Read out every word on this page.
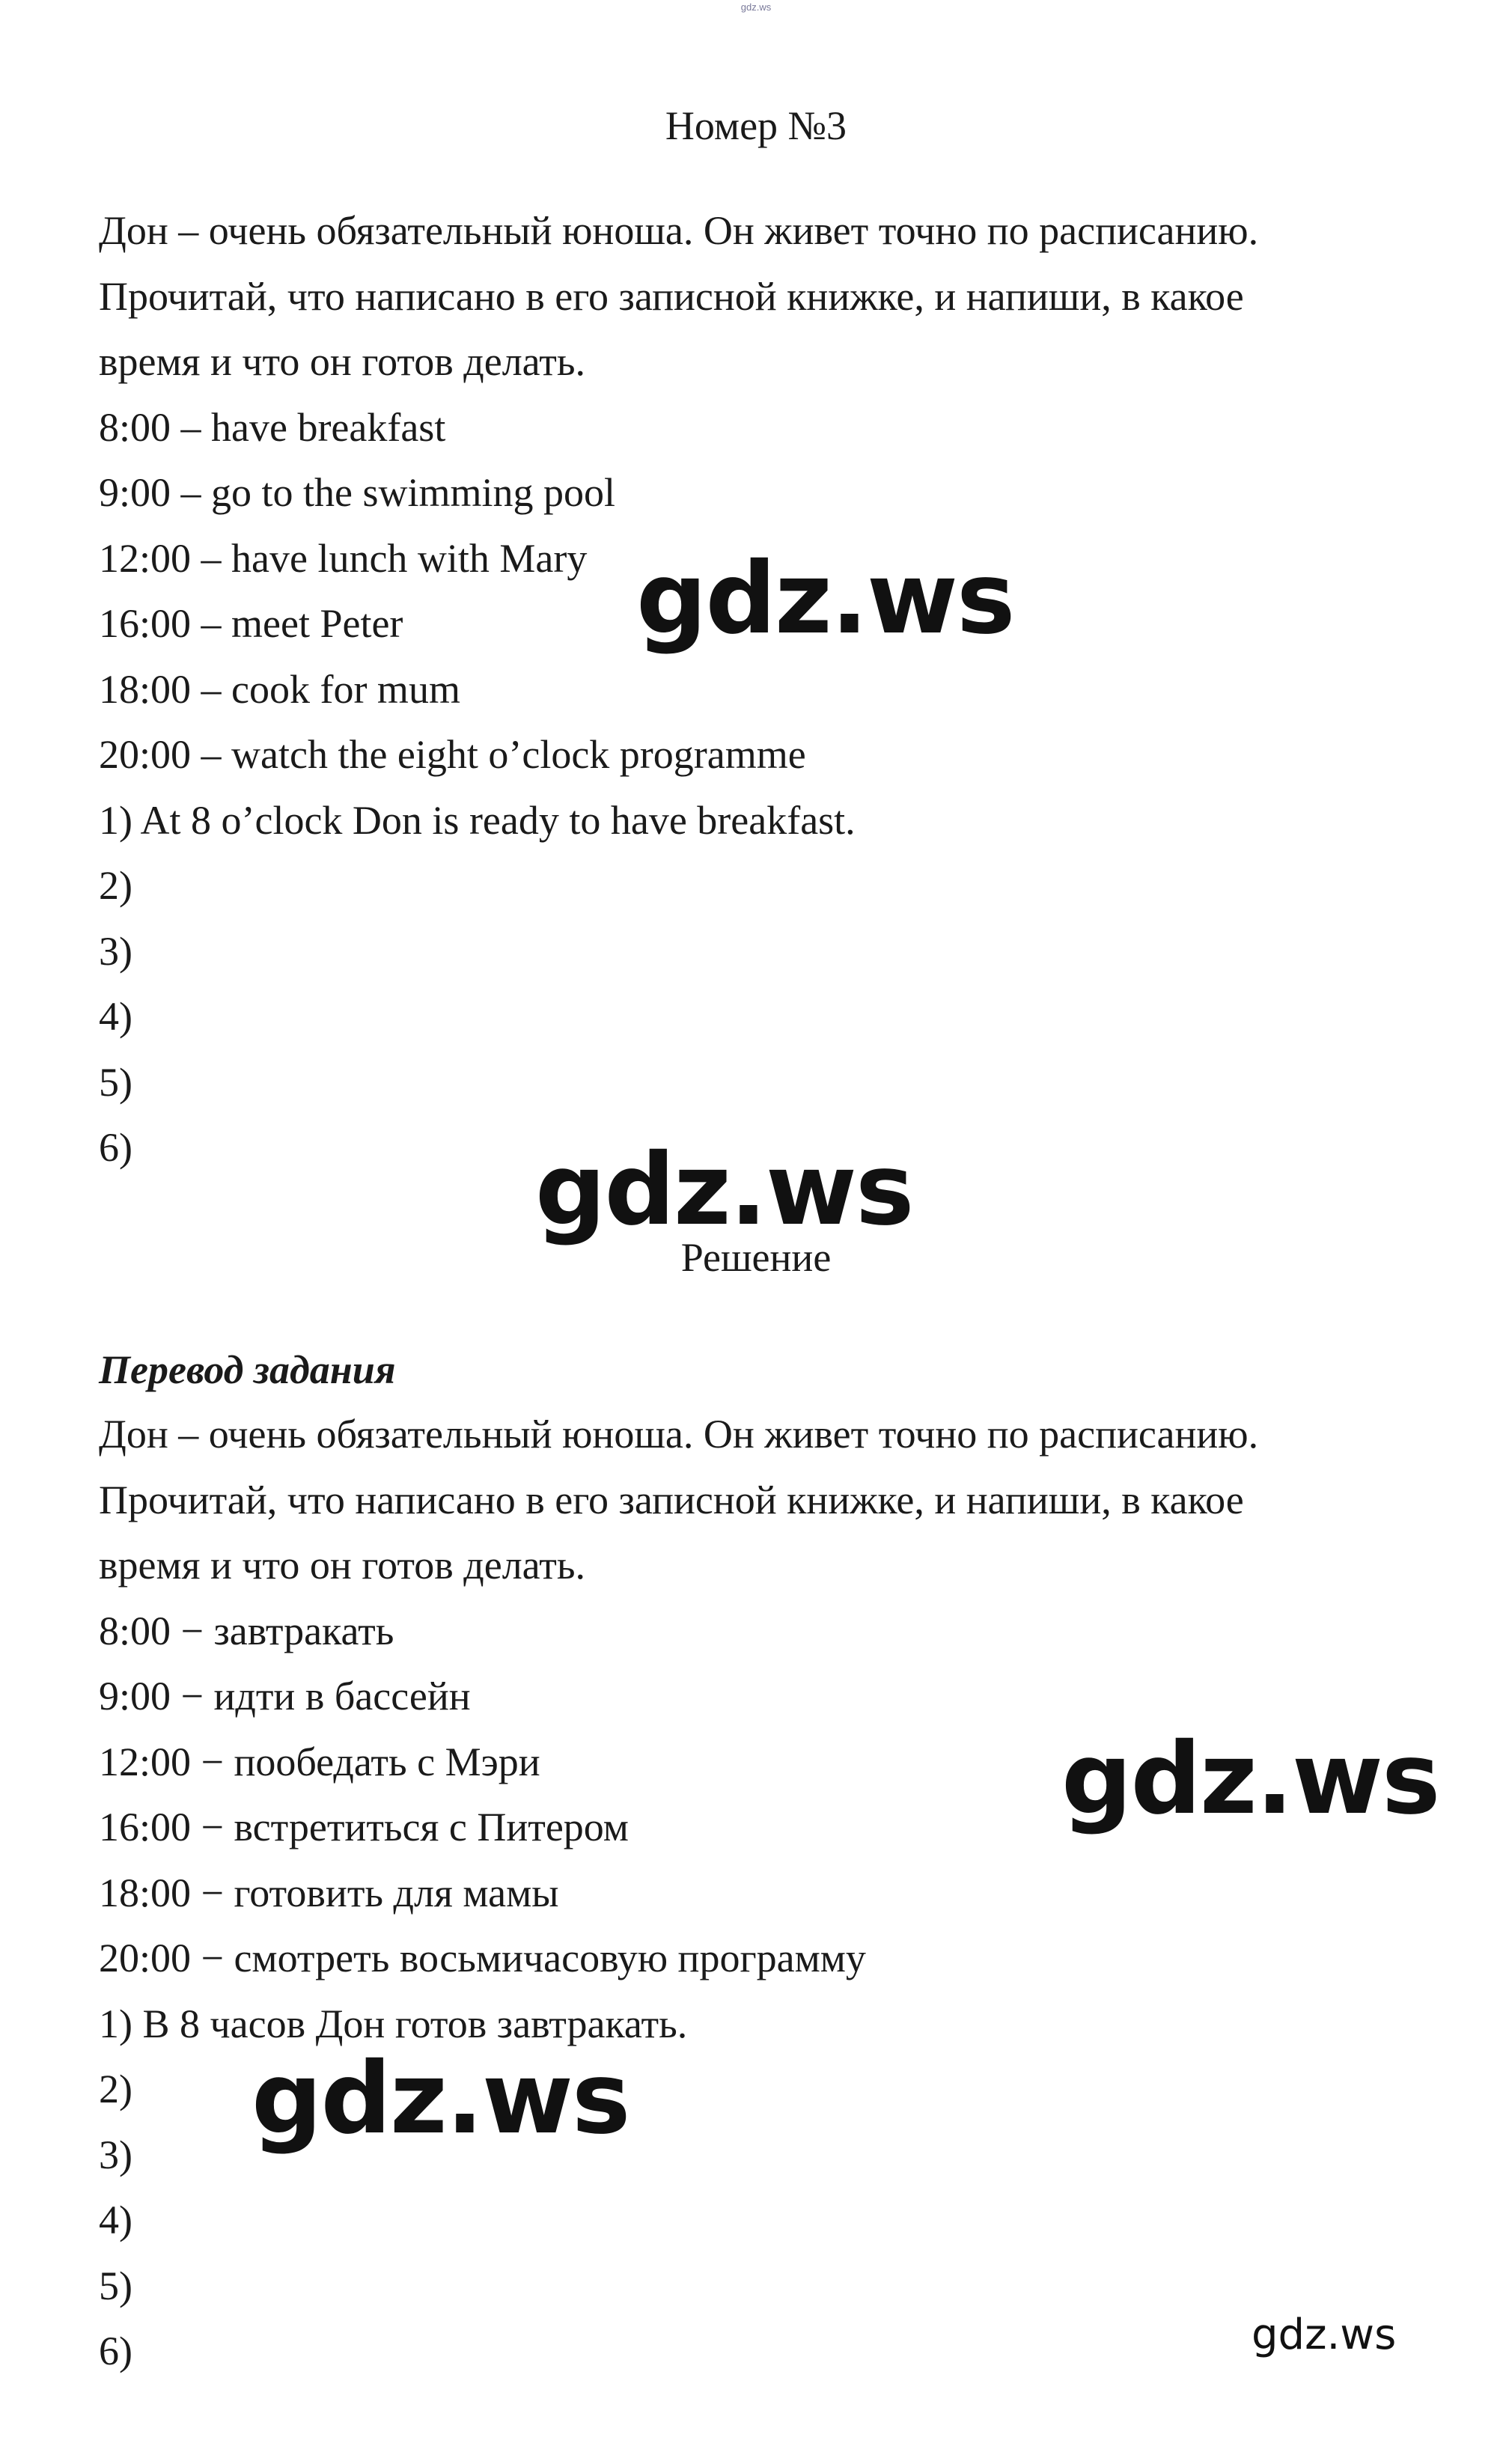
gdz.ws
Номер №3
Дон – очень обязательный юноша. Он живет точно по расписанию.
Прочитай, что написано в его записной книжке, и напиши, в какое
время и что он готов делать.
8:00 – have breakfast
9:00 – go to the swimming pool
12:00 – have lunch with Mary
16:00 – meet Peter
18:00 – cook for mum
20:00 – watch the eight o’clock programme
1) At 8 o’clock Don is ready to have breakfast.
2)
3)
4)
5)
6)
Решение
Перевод задания
Дон – очень обязательный юноша. Он живет точно по расписанию.
Прочитай, что написано в его записной книжке, и напиши, в какое
время и что он готов делать.
8:00 − завтракать
9:00 − идти в бассейн
12:00 − пообедать с Мэри
16:00 − встретиться с Питером
18:00 − готовить для мамы
20:00 − смотреть восьмичасовую программу
1) В 8 часов Дон готов завтракать.
2)
3)
4)
5)
6)
gdz.ws
gdz.ws
gdz.ws
gdz.ws
gdz.ws
